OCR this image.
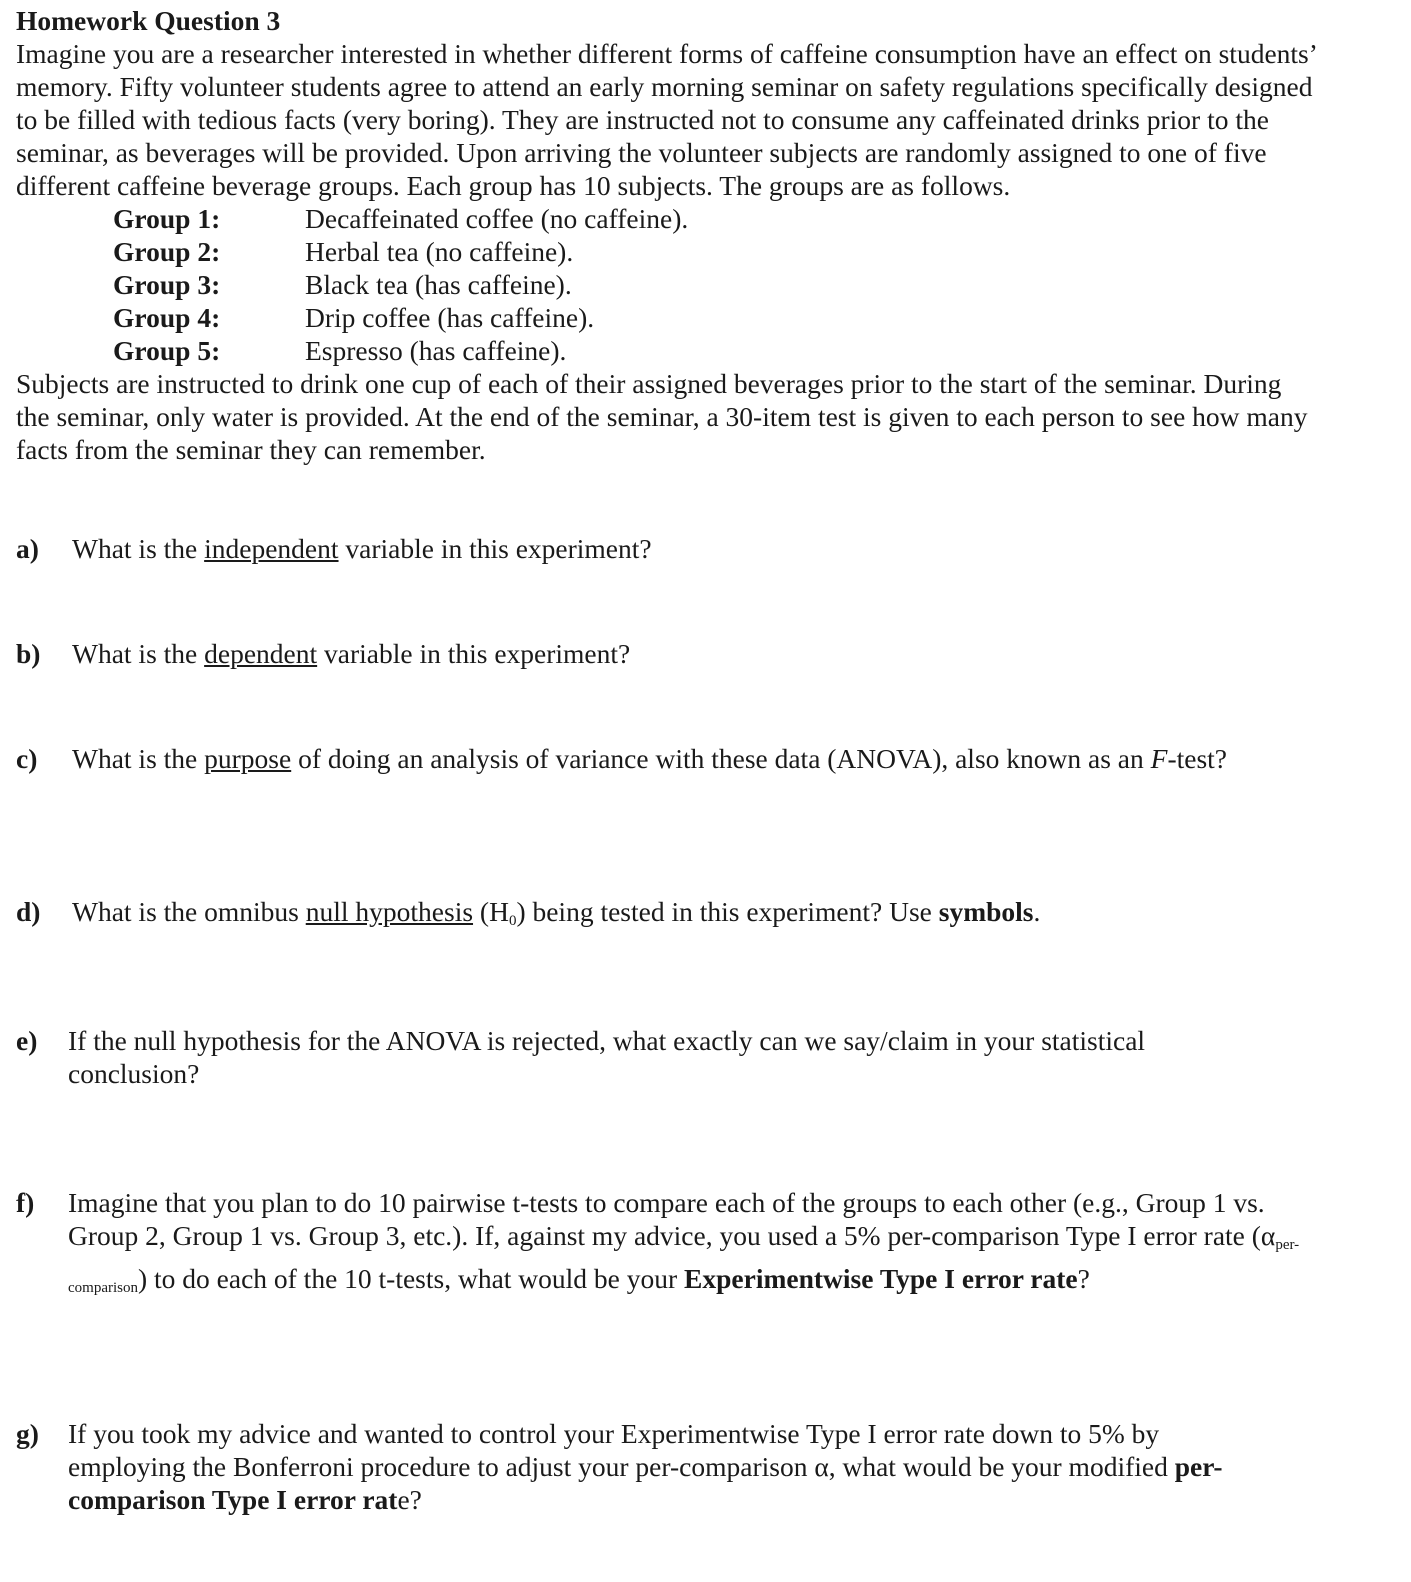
Homework Question 3
Imagine you are a researcher interested in whether different forms of caffeine consumption have an effect on students’ memory. Fifty volunteer students agree to attend an early morning seminar on safety regulations specifically designed to be filled with tedious facts (very boring). They are instructed not to consume any caffeinated drinks prior to the seminar, as beverages will be provided. Upon arriving the volunteer subjects are randomly assigned to one of five different caffeine beverage groups. Each group has 10 subjects. The groups are as follows.
Group 1:	Decaffeinated coffee (no caffeine).
Group 2:	Herbal tea (no caffeine).
Group 3:	Black tea (has caffeine).
Group 4:	Drip coffee (has caffeine).
Group 5:	Espresso (has caffeine).
Subjects are instructed to drink one cup of each of their assigned beverages prior to the start of the seminar. During the seminar, only water is provided. At the end of the seminar, a 30-item test is given to each person to see how many facts from the seminar they can remember.
a) What is the independent variable in this experiment?
b) What is the dependent variable in this experiment?
c) What is the purpose of doing an analysis of variance with these data (ANOVA), also known as an F-test?
d) What is the omnibus null hypothesis $(H_0)$ being tested in this experiment? Use symbols.
e) If the null hypothesis for the ANOVA is rejected, what exactly can we say/claim in your statistical conclusion?
f) Imagine that you plan to do 10 pairwise t-tests to compare each of the groups to each other (e.g., Group 1 vs. Group 2, Group 1 vs. Group 3, etc.). If, against my advice, you used a 5% per-comparison Type I error rate $(\alpha_{per-comparison})$ to do each of the 10 t-tests, what would be your Experimentwise Type I error rate?
g) If you took my advice and wanted to control your Experimentwise Type I error rate down to 5% by employing the Bonferroni procedure to adjust your per-comparison α, what would be your modified per-comparison Type I error rate?
